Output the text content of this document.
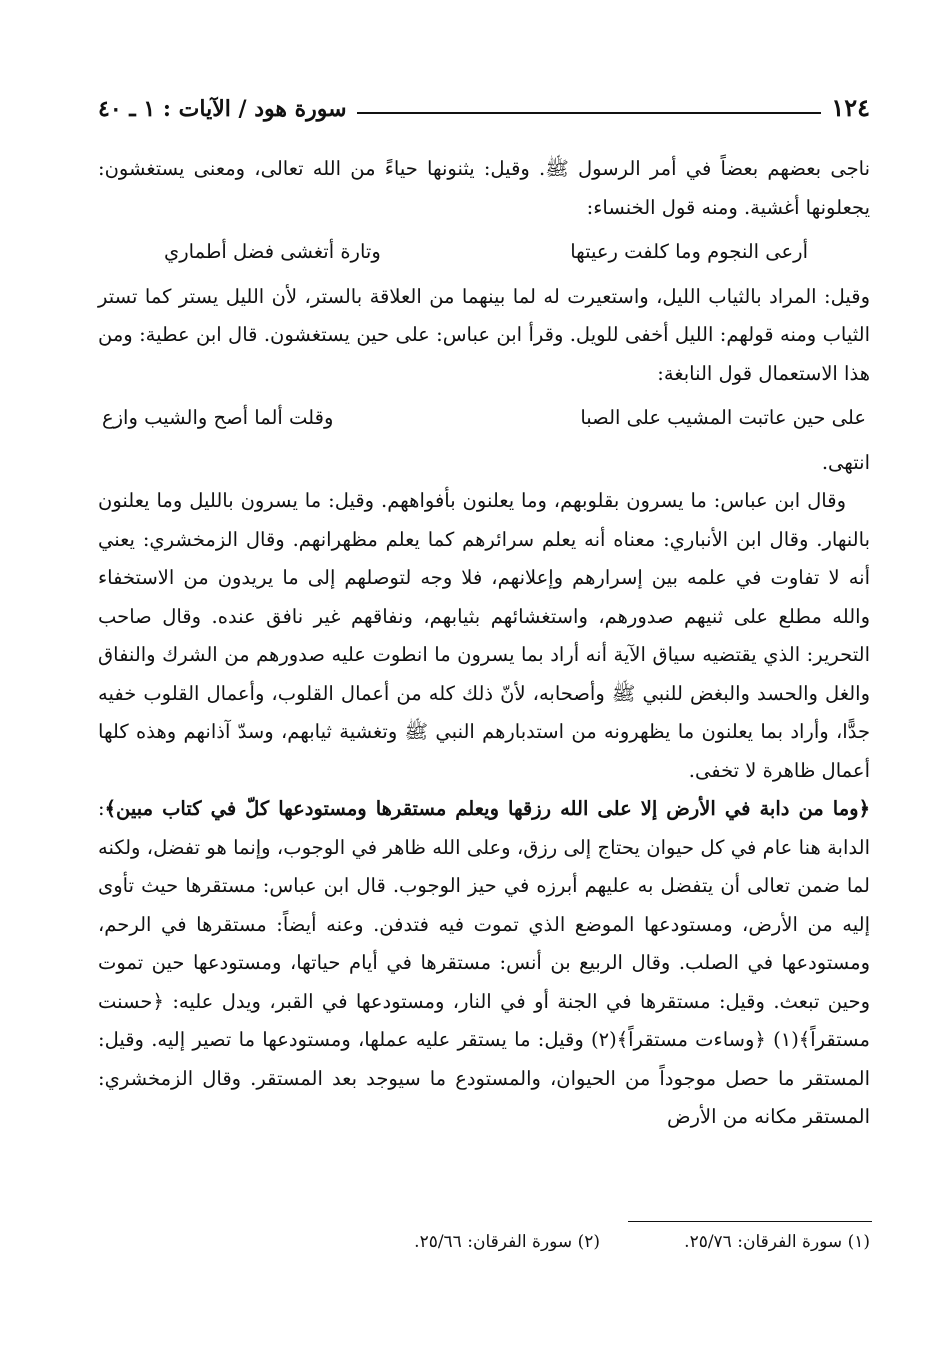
١٢٤
سورة هود / الآيات : ١ ـ ٤٠

ناجى بعضهم بعضاً في أمر الرسول ﷺ. وقيل: يثنونها حياءً من الله تعالى، ومعنى يستغشون: يجعلونها أغشية. ومنه قول الخنساء:

أرعى النجوم وما كلفت رعيتها
وتارة أتغشى فضل أطماري

وقيل: المراد بالثياب الليل، واستعيرت له لما بينهما من العلاقة بالستر، لأن الليل يستر كما تستر الثياب ومنه قولهم: الليل أخفى للويل. وقرأ ابن عباس: على حين يستغشون. قال ابن عطية: ومن هذا الاستعمال قول النابغة:

على حين عاتبت المشيب على الصبا
وقلت ألما أصح والشيب وازع

انتهى.

وقال ابن عباس: ما يسرون بقلوبهم، وما يعلنون بأفواههم. وقيل: ما يسرون بالليل وما يعلنون بالنهار. وقال ابن الأنباري: معناه أنه يعلم سرائرهم كما يعلم مظهرانهم. وقال الزمخشري: يعني أنه لا تفاوت في علمه بين إسرارهم وإعلانهم، فلا وجه لتوصلهم إلى ما يريدون من الاستخفاء والله مطلع على ثنيهم صدورهم، واستغشائهم بثيابهم، ونفاقهم غير نافق عنده. وقال صاحب التحرير: الذي يقتضيه سياق الآية أنه أراد بما يسرون ما انطوت عليه صدورهم من الشرك والنفاق والغل والحسد والبغض للنبي ﷺ وأصحابه، لأنّ ذلك كله من أعمال القلوب، وأعمال القلوب خفيه جدًّا، وأراد بما يعلنون ما يظهرونه من استدبارهم النبي ﷺ وتغشية ثيابهم، وسدّ آذانهم وهذه كلها أعمال ظاهرة لا تخفى.

﴿وما من دابة في الأرض إلا على الله رزقها ويعلم مستقرها ومستودعها كلّ في كتاب مبين﴾: الدابة هنا عام في كل حيوان يحتاج إلى رزق، وعلى الله ظاهر في الوجوب، وإنما هو تفضل، ولكنه لما ضمن تعالى أن يتفضل به عليهم أبرزه في حيز الوجوب. قال ابن عباس: مستقرها حيث تأوى إليه من الأرض، ومستودعها الموضع الذي تموت فيه فتدفن. وعنه أيضاً: مستقرها في الرحم، ومستودعها في الصلب. وقال الربيع بن أنس: مستقرها في أيام حياتها، ومستودعها حين تموت وحين تبعث. وقيل: مستقرها في الجنة أو في النار، ومستودعها في القبر، ويدل عليه: ﴿حسنت مستقراً﴾(١) ﴿وساءت مستقراً﴾(٢) وقيل: ما يستقر عليه عملها، ومستودعها ما تصير إليه. وقيل: المستقر ما حصل موجوداً من الحيوان، والمستودع ما سيوجد بعد المستقر. وقال الزمخشري: المستقر مكانه من الأرض

(١) سورة الفرقان: ٢٥/٧٦.
(٢) سورة الفرقان: ٢٥/٦٦.
